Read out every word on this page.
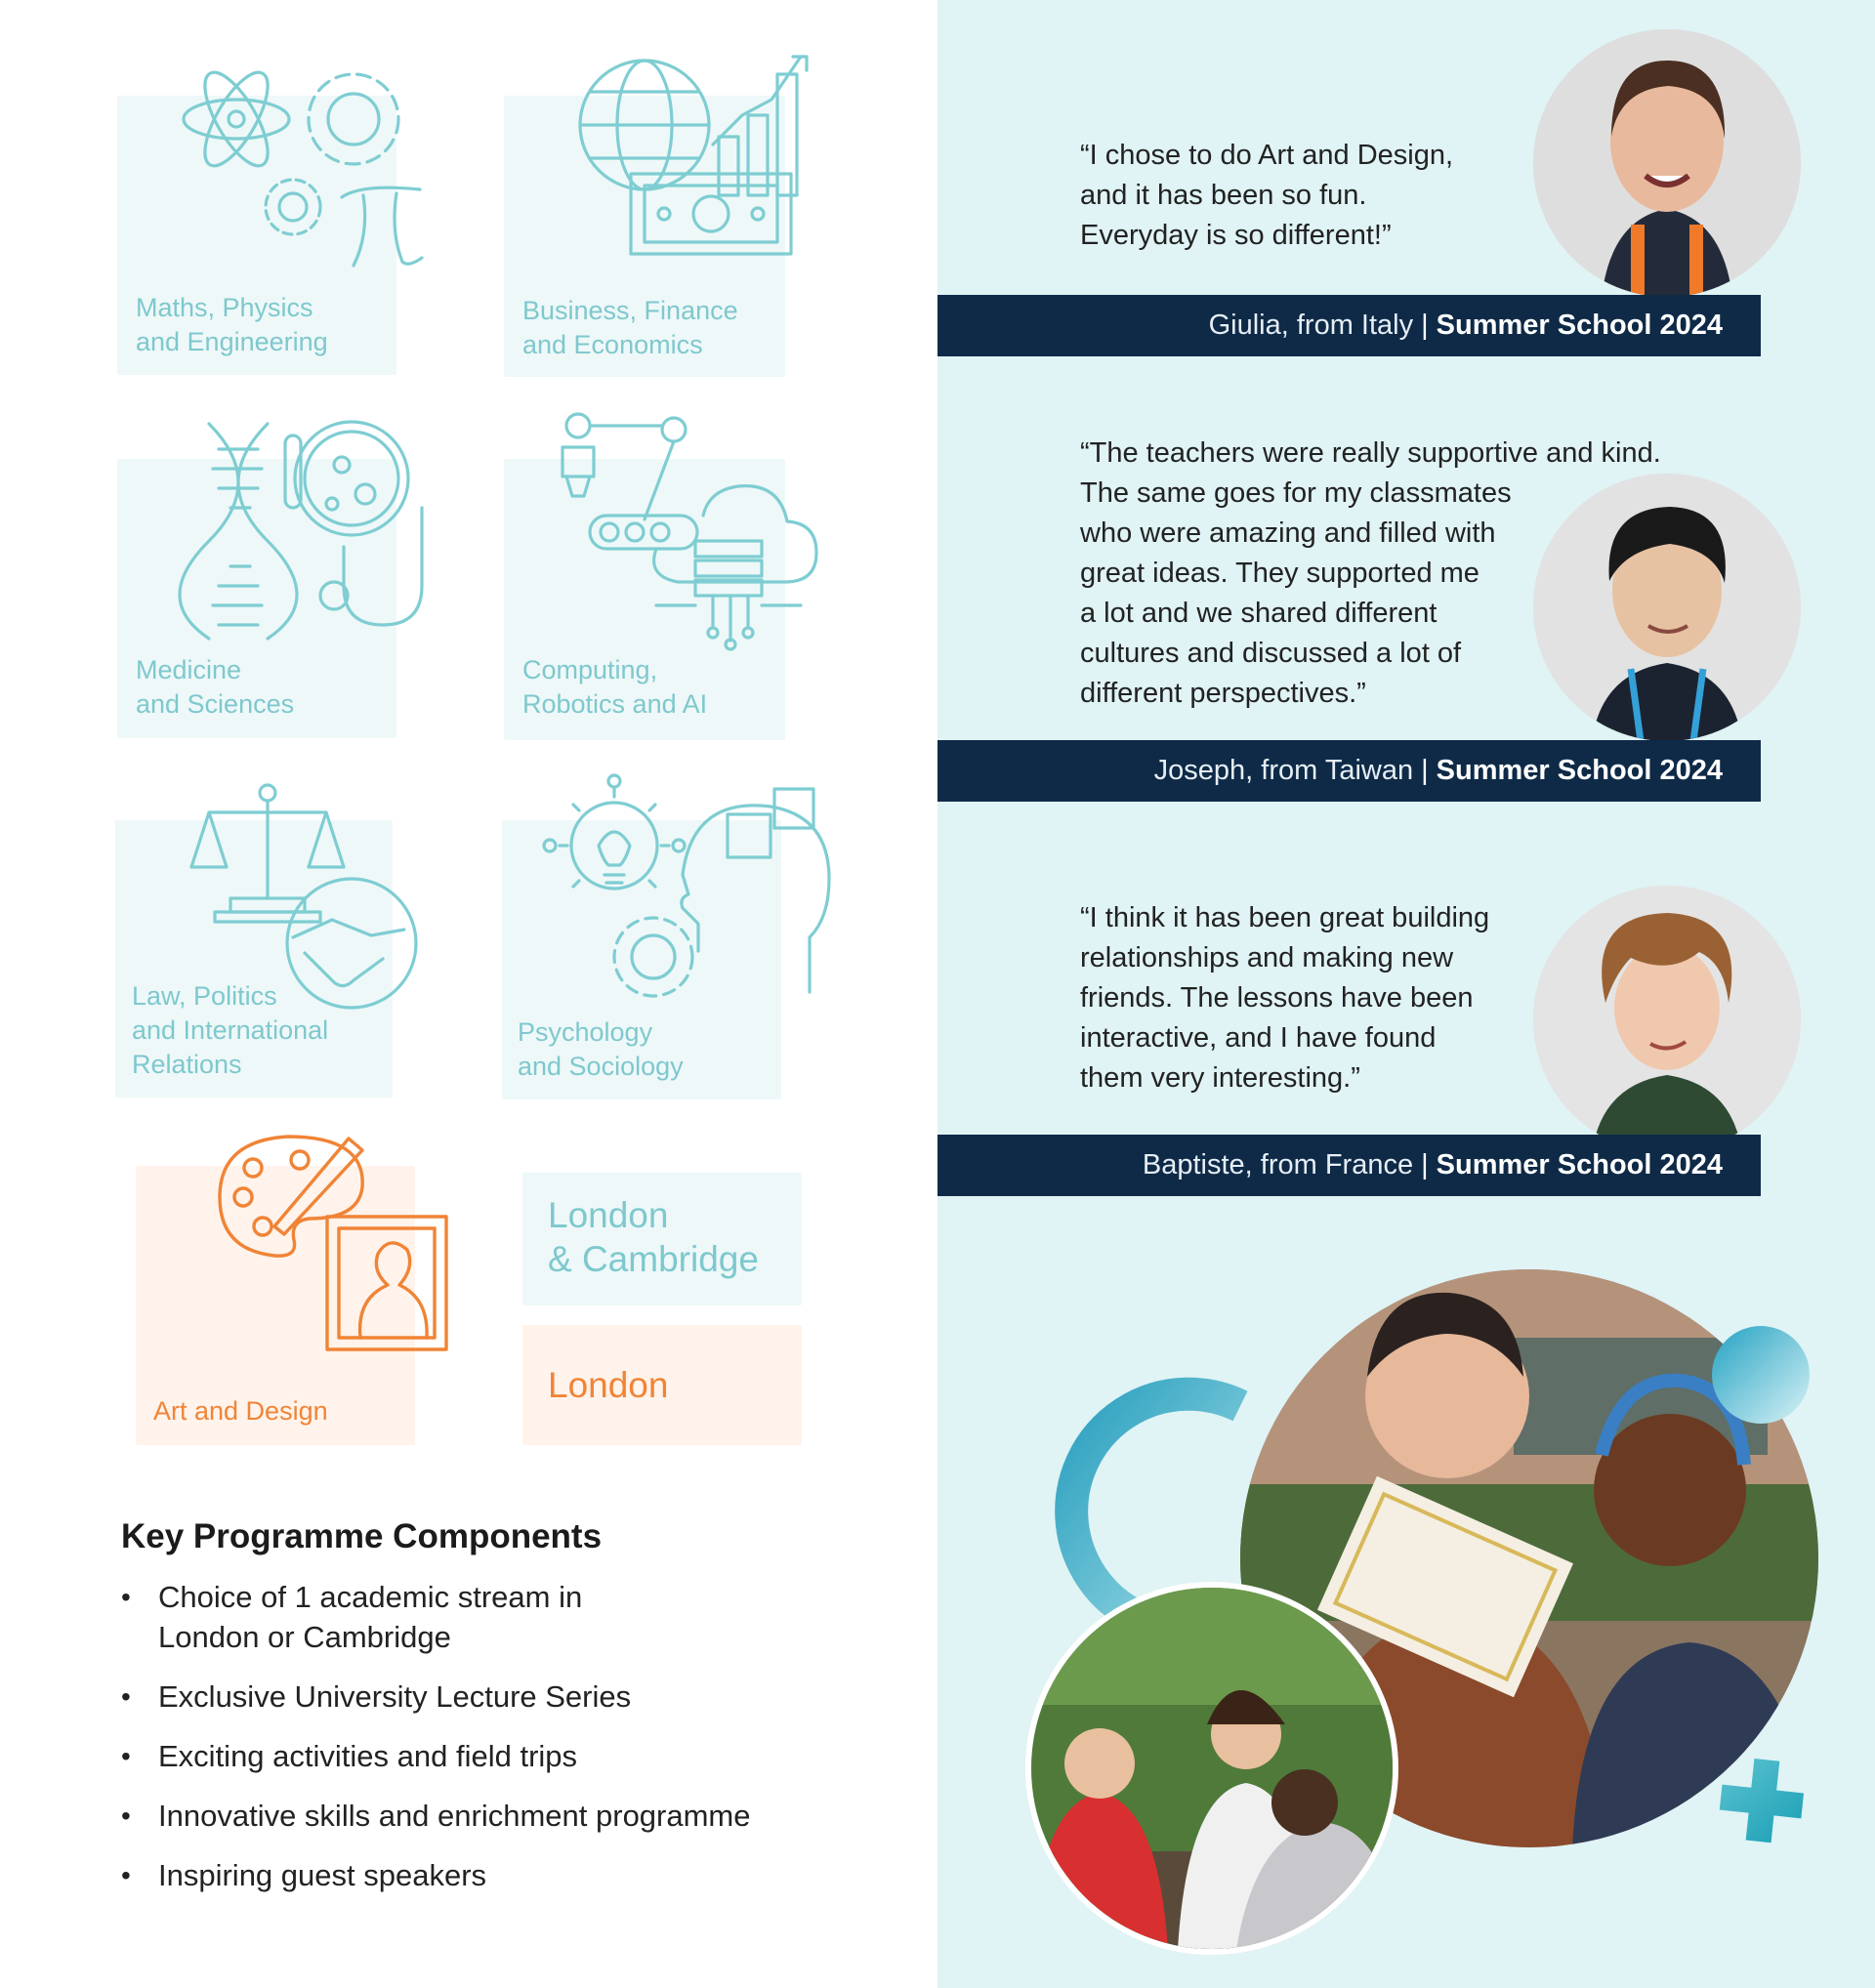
Maths, Physics
and Engineering
Business, Finance
and Economics
Medicine
and Sciences
Computing,
Robotics and AI
Law, Politics
and International
Relations
Psychology
and Sociology
Art and Design
London
& Cambridge
London
Key Programme Components
• Choice of 1 academic stream in
London or Cambridge
• Exclusive University Lecture Series
• Exciting activities and field trips
• Innovative skills and enrichment programme
• Inspiring guest speakers
“I chose to do Art and Design,
and it has been so fun.
Everyday is so different!”
Giulia, from Italy | Summer School 2024
“The teachers were really supportive and kind.
The same goes for my classmates
who were amazing and filled with
great ideas. They supported me
a lot and we shared different
cultures and discussed a lot of
different perspectives.”
Joseph, from Taiwan | Summer School 2024
“I think it has been great building
relationships and making new
friends. The lessons have been
interactive, and I have found
them very interesting.”
Baptiste, from France | Summer School 2024
